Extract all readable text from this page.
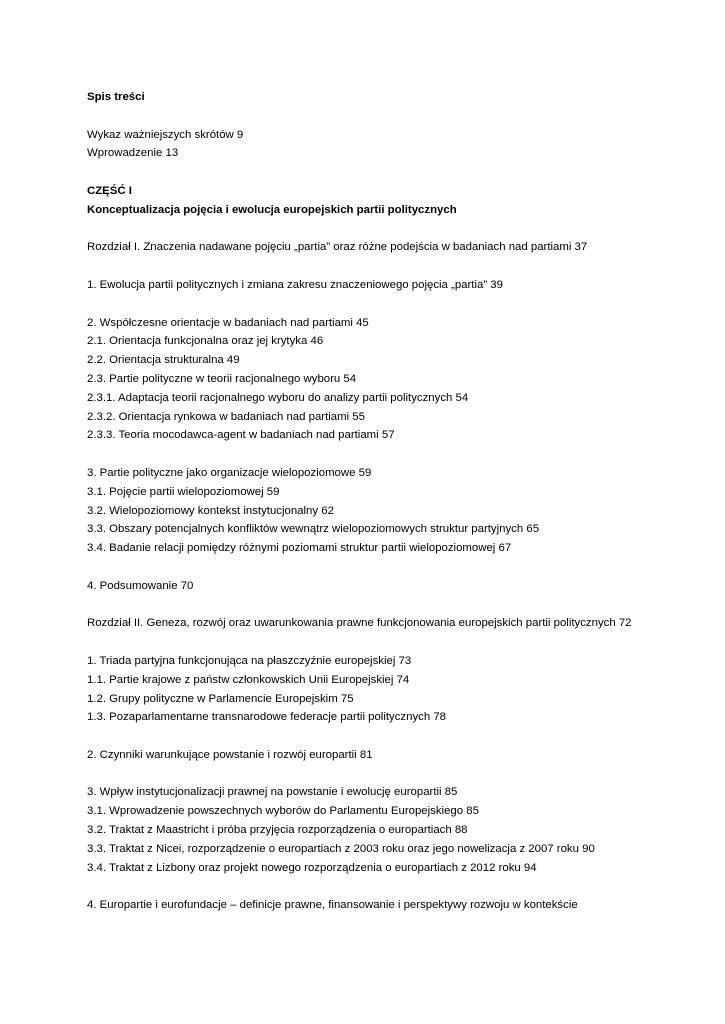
Spis treści
Wykaz ważniejszych skrótów 9
Wprowadzenie 13
CZĘŚĆ I
Konceptualizacja pojęcia i ewolucja europejskich partii politycznych
Rozdział I. Znaczenia nadawane pojęciu „partia” oraz różne podejścia w badaniach nad partiami 37
1. Ewolucja partii politycznych i zmiana zakresu znaczeniowego pojęcia „partia” 39
2. Współczesne orientacje w badaniach nad partiami 45
2.1. Orientacja funkcjonalna oraz jej krytyka 46
2.2. Orientacja strukturalna 49
2.3. Partie polityczne w teorii racjonalnego wyboru 54
2.3.1. Adaptacja teorii racjonalnego wyboru do analizy partii politycznych 54
2.3.2. Orientacja rynkowa w badaniach nad partiami 55
2.3.3. Teoria mocodawca-agent w badaniach nad partiami 57
3. Partie polityczne jako organizacje wielopoziomowe 59
3.1. Pojęcie partii wielopoziomowej 59
3.2. Wielopoziomowy kontekst instytucjonalny 62
3.3. Obszary potencjalnych konfliktów wewnątrz wielopoziomowych struktur partyjnych 65
3.4. Badanie relacji pomiędzy różnymi poziomami struktur partii wielopoziomowej 67
4. Podsumowanie 70
Rozdział II. Geneza, rozwój oraz uwarunkowania prawne funkcjonowania europejskich partii politycznych 72
1. Triada partyjna funkcjonująca na płaszczyźnie europejskiej 73
1.1. Partie krajowe z państw członkowskich Unii Europejskiej 74
1.2. Grupy polityczne w Parlamencie Europejskim 75
1.3. Pozaparlamentarne transnarodowe federacje partii politycznych 78
2. Czynniki warunkujące powstanie i rozwój europartii 81
3. Wpływ instytucjonalizacji prawnej na powstanie i ewolucję europartii 85
3.1. Wprowadzenie powszechnych wyborów do Parlamentu Europejskiego 85
3.2. Traktat z Maastricht i próba przyjęcia rozporządzenia o europartiach 88
3.3. Traktat z Nicei, rozporządzenie o europartiach z 2003 roku oraz jego nowelizacja z 2007 roku 90
3.4. Traktat z Lizbony oraz projekt nowego rozporządzenia o europartiach z 2012 roku 94
4. Europartie i eurofundacje – definicje prawne, finansowanie i perspektywy rozwoju w kontekście
